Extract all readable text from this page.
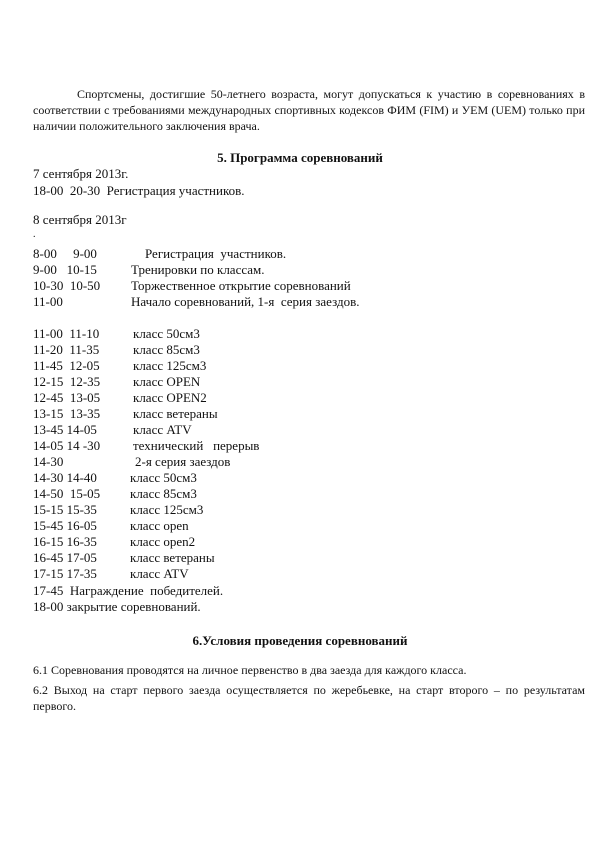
Спортсмены, достигшие 50-летнего возраста, могут допускаться к участию в соревнованиях в соответствии с требованиями международных спортивных кодексов ФИМ (FIM) и УЕМ (UEM) только при наличии положительного заключения врача.
5. Программа соревнований
7 сентября 2013г.
18-00  20-30  Регистрация участников.
8 сентября 2013г
.
8-00     9-00	Регистрация  участников.
9-00   10-15	Тренировки по классам.
10-30  10-50 Торжественное открытие соревнований
11-00	Начало соревнований, 1-я  серия заездов.
11-00  11-10	класс 50см3
11-20  11-35	класс 85см3
11-45  12-05	класс 125см3
12-15  12-35	класс OPEN
12-45  13-05	класс OPEN2
13-15  13-35	класс ветераны
13-45 14-05	класс ATV
14-05 14 -30	технический   перерыв
14-30	2-я серия заездов
14-30 14-40	класс 50см3
14-50  15-05 класс 85см3
15-15 15-35	класс 125см3
15-45 16-05	класс open
16-15 16-35	класс open2
16-45 17-05	класс ветераны
17-15 17-35	класс ATV
17-45  Награждение  победителей.
18-00 закрытие соревнований.
6.Условия проведения соревнований
6.1 Соревнования проводятся на личное первенство в два заезда для каждого класса.
6.2 Выход на старт первого заезда осуществляется по жеребьевке, на старт второго – по результатам первого.
